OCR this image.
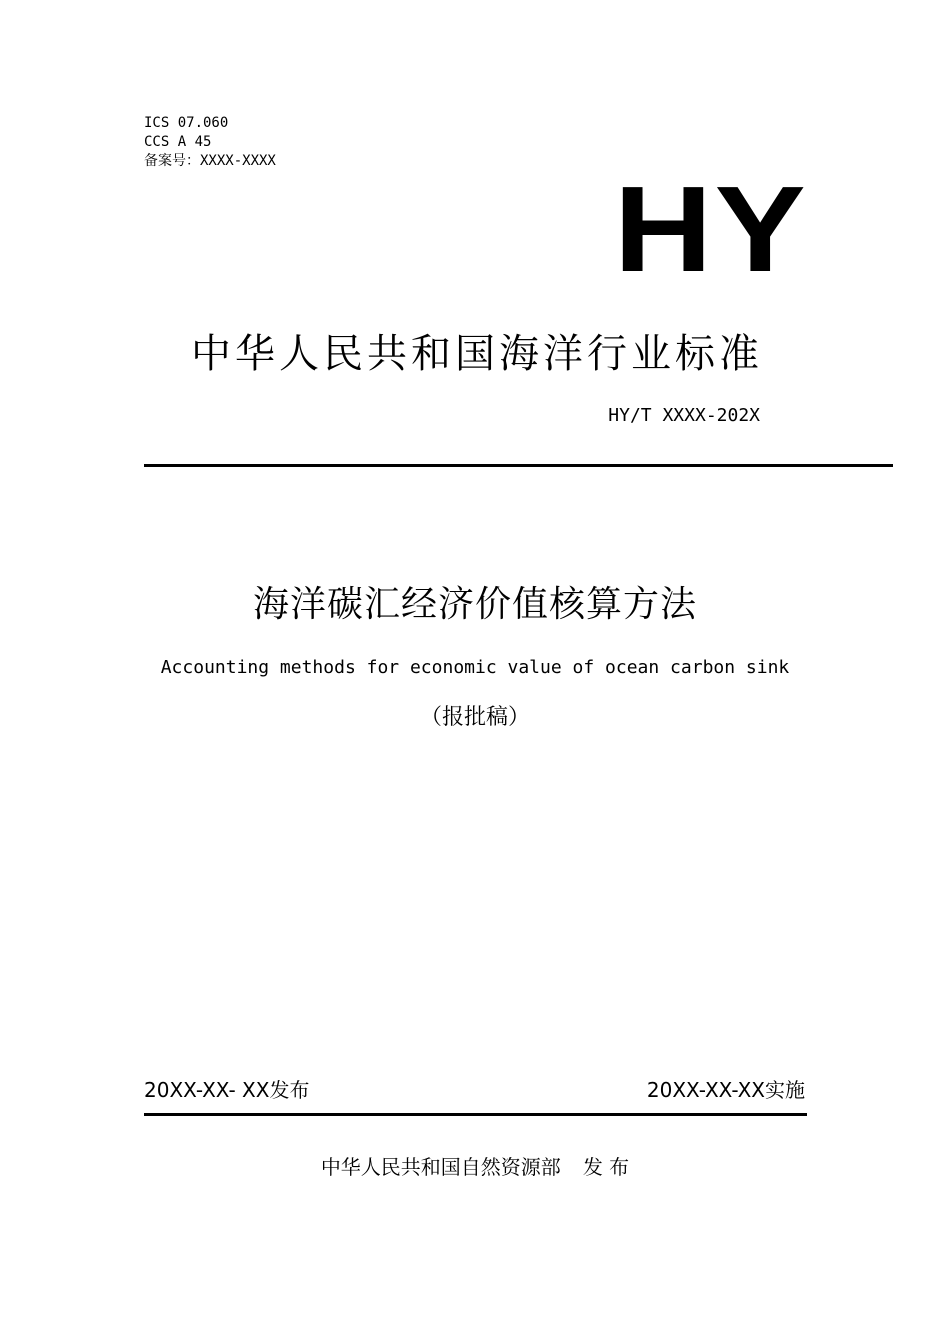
ICS 07.060
CCS A 45
备案号：XXXX-XXXX	HY
中华人民共和国海洋行业标准
HY/T XXXX-202X
海洋碳汇经济价值核算方法
Accounting methods for economic value of ocean carbon sink
（报批稿）
20XX-XX- XX发布	20XX-XX-XX实施
中华人民共和国自然资源部 发 布
